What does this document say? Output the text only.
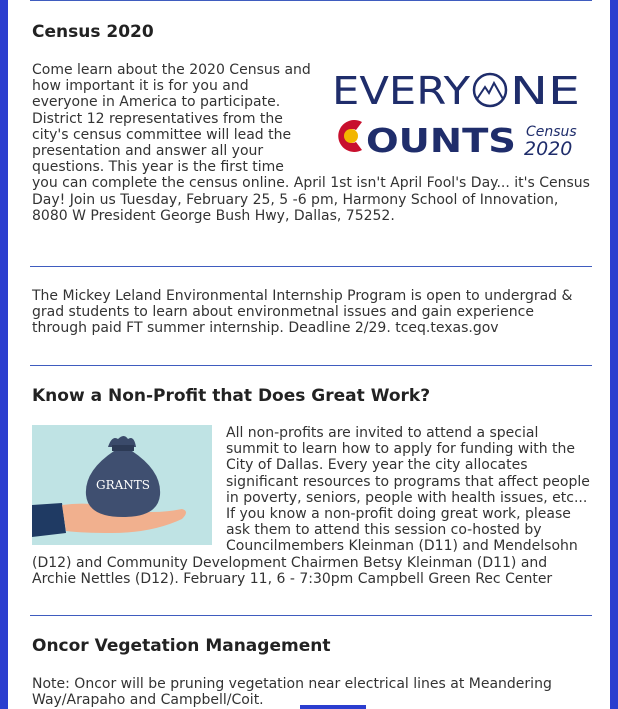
Census 2020
EVERY NE
OUNTS Census
2020
Come learn about the 2020 Census and how important it is for you and everyone in America to participate. District 12 representatives from the city's census committee will lead the presentation and answer all your questions. This year is the first time you can complete the census online. April 1st isn't April Fool's Day... it's Census Day! Join us Tuesday, February 25, 5 -6 pm, Harmony School of Innovation, 8080 W President George Bush Hwy, Dallas, 75252.
The Mickey Leland Environmental Internship Program is open to undergrad & grad students to learn about environmetnal issues and gain experience through paid FT summer internship. Deadline 2/29. tceq.texas.gov
Know a Non-Profit that Does Great Work?
GRANTS
All non-profits are invited to attend a special summit to learn how to apply for funding with the City of Dallas. Every year the city allocates significant resources to programs that affect people in poverty, seniors, people with health issues, etc... If you know a non-profit doing great work, please ask them to attend this session co-hosted by Councilmembers Kleinman (D11) and Mendelsohn (D12) and Community Development Chairmen Betsy Kleinman (D11) and Archie Nettles (D12). February 11, 6 - 7:30pm Campbell Green Rec Center
Oncor Vegetation Management
Note: Oncor will be pruning vegetation near electrical lines at Meandering Way/Arapaho and Campbell/Coit.
